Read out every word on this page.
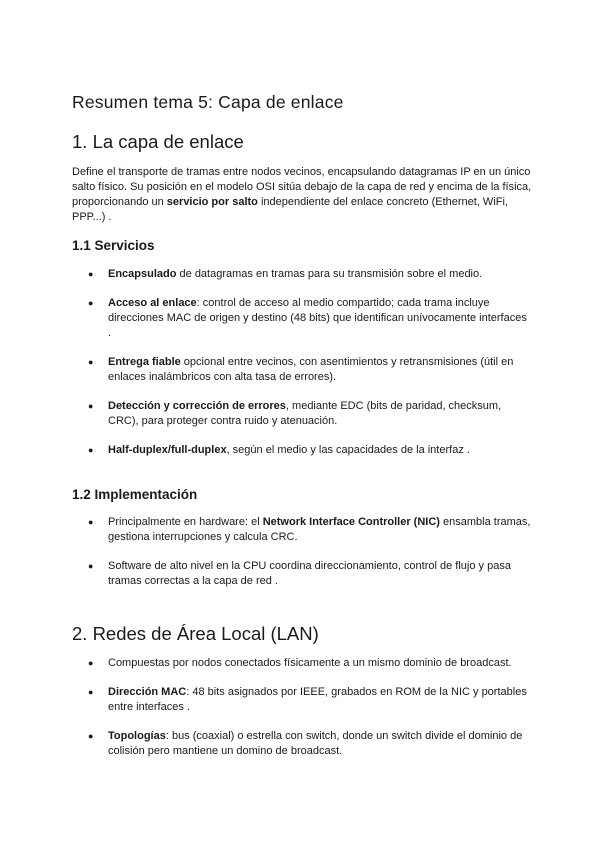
Resumen tema 5: Capa de enlace
1. La capa de enlace

Define el transporte de tramas entre nodos vecinos, encapsulando datagramas IP en un único salto físico. Su posición en el modelo OSI sitúa debajo de la capa de red y encima de la física, proporcionando un servicio por salto independiente del enlace concreto (Ethernet, WiFi, PPP...) .

1.1 Servicios
● Encapsulado de datagramas en tramas para su transmisión sobre el medio.
● Acceso al enlace: control de acceso al medio compartido; cada trama incluye direcciones MAC de origen y destino (48 bits) que identifican unívocamente interfaces .
● Entrega fiable opcional entre vecinos, con asentimientos y retransmisiones (útil en enlaces inalámbricos con alta tasa de errores).
● Detección y corrección de errores, mediante EDC (bits de paridad, checksum, CRC), para proteger contra ruido y atenuación.
● Half-duplex/full-duplex, según el medio y las capacidades de la interfaz .
1.2 Implementación
● Principalmente en hardware: el Network Interface Controller (NIC) ensambla tramas, gestiona interrupciones y calcula CRC.
● Software de alto nivel en la CPU coordina direccionamiento, control de flujo y pasa tramas correctas a la capa de red .
2. Redes de Área Local (LAN)
● Compuestas por nodos conectados físicamente a un mismo dominio de broadcast.
● Dirección MAC: 48 bits asignados por IEEE, grabados en ROM de la NIC y portables entre interfaces .
● Topologías: bus (coaxial) o estrella con switch, donde un switch divide el dominio de colisión pero mantiene un domino de broadcast.
